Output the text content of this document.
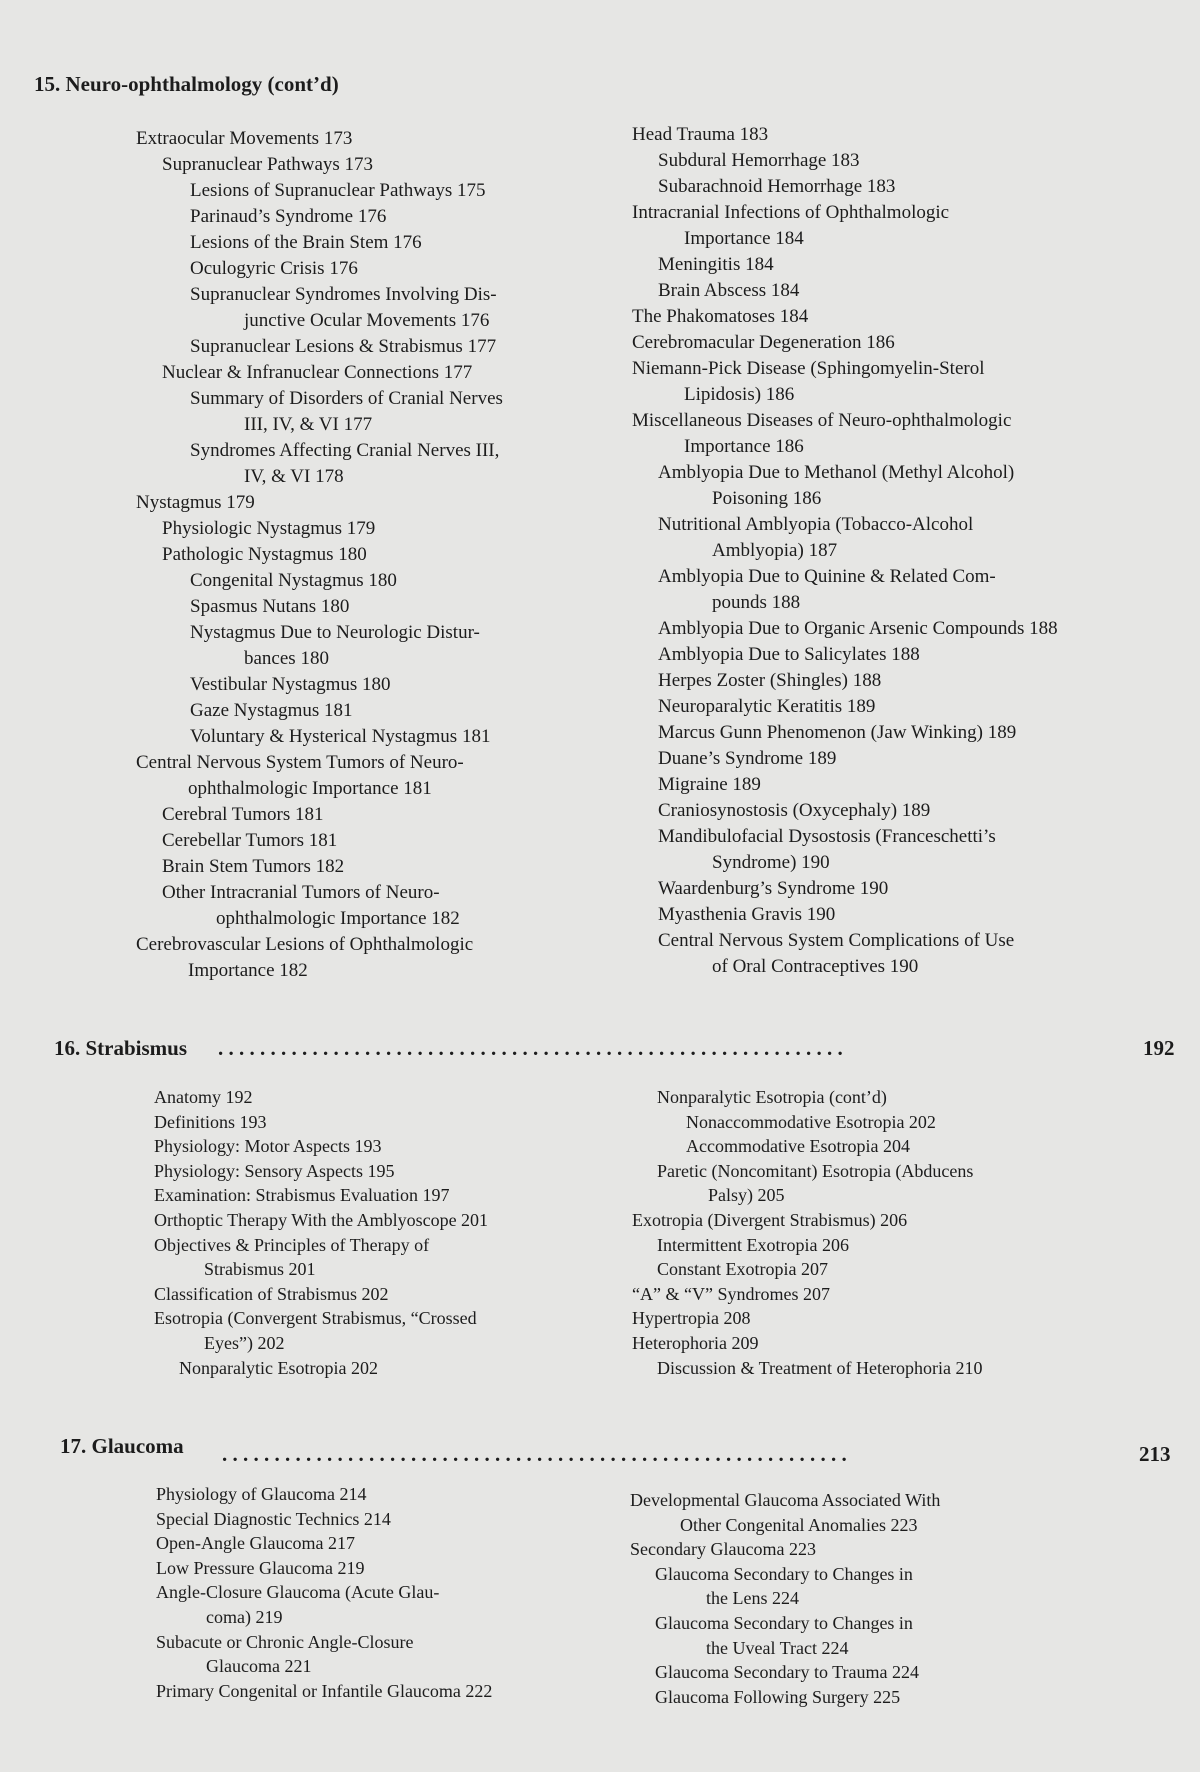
15. Neuro-ophthalmology (cont’d)
Extraocular Movements 173
Supranuclear Pathways 173
Lesions of Supranuclear Pathways 175
Parinaud’s Syndrome 176
Lesions of the Brain Stem 176
Oculogyric Crisis 176
Supranuclear Syndromes Involving Dis-
junctive Ocular Movements 176
Supranuclear Lesions & Strabismus 177
Nuclear & Infranuclear Connections 177
Summary of Disorders of Cranial Nerves
III, IV, & VI 177
Syndromes Affecting Cranial Nerves III,
IV, & VI 178
Nystagmus 179
Physiologic Nystagmus 179
Pathologic Nystagmus 180
Congenital Nystagmus 180
Spasmus Nutans 180
Nystagmus Due to Neurologic Distur-
bances 180
Vestibular Nystagmus 180
Gaze Nystagmus 181
Voluntary & Hysterical Nystagmus 181
Central Nervous System Tumors of Neuro-
ophthalmologic Importance 181
Cerebral Tumors 181
Cerebellar Tumors 181
Brain Stem Tumors 182
Other Intracranial Tumors of Neuro-
ophthalmologic Importance 182
Cerebrovascular Lesions of Ophthalmologic
Importance 182
Head Trauma 183
Subdural Hemorrhage 183
Subarachnoid Hemorrhage 183
Intracranial Infections of Ophthalmologic
Importance 184
Meningitis 184
Brain Abscess 184
The Phakomatoses 184
Cerebromacular Degeneration 186
Niemann-Pick Disease (Sphingomyelin-Sterol
Lipidosis) 186
Miscellaneous Diseases of Neuro-ophthalmologic
Importance 186
Amblyopia Due to Methanol (Methyl Alcohol)
Poisoning 186
Nutritional Amblyopia (Tobacco-Alcohol
Amblyopia) 187
Amblyopia Due to Quinine & Related Com-
pounds 188
Amblyopia Due to Organic Arsenic Compounds 188
Amblyopia Due to Salicylates 188
Herpes Zoster (Shingles) 188
Neuroparalytic Keratitis 189
Marcus Gunn Phenomenon (Jaw Winking) 189
Duane’s Syndrome 189
Migraine 189
Craniosynostosis (Oxycephaly) 189
Mandibulofacial Dysostosis (Franceschetti’s
Syndrome) 190
Waardenburg’s Syndrome 190
Myasthenia Gravis 190
Central Nervous System Complications of Use
of Oral Contraceptives 190
16. Strabismus . . . . . . . . . . . . . . . . . . . . . . . . . . . . . . . . . . . . . . . . . . . . . . . . . . . . . . . . . . . .	192
Anatomy 192
Definitions 193
Physiology: Motor Aspects 193
Physiology: Sensory Aspects 195
Examination: Strabismus Evaluation 197
Orthoptic Therapy With the Amblyoscope 201
Objectives & Principles of Therapy of
Strabismus 201
Classification of Strabismus 202
Esotropia (Convergent Strabismus, “Crossed
Eyes”) 202
Nonparalytic Esotropia 202
Nonparalytic Esotropia (cont’d)
Nonaccommodative Esotropia 202
Accommodative Esotropia 204
Paretic (Noncomitant) Esotropia (Abducens
Palsy) 205
Exotropia (Divergent Strabismus) 206
Intermittent Exotropia 206
Constant Exotropia 207
“A” & “V” Syndromes 207
Hypertropia 208
Heterophoria 209
Discussion & Treatment of Heterophoria 210
17. Glaucoma . . . . . . . . . . . . . . . . . . . . . . . . . . . . . . . . . . . . . . . . . . . . . . . . . . . . . . . . . . . .	213
Physiology of Glaucoma 214
Special Diagnostic Technics 214
Open-Angle Glaucoma 217
Low Pressure Glaucoma 219
Angle-Closure Glaucoma (Acute Glau-
coma) 219
Subacute or Chronic Angle-Closure
Glaucoma 221
Primary Congenital or Infantile Glaucoma 222
Developmental Glaucoma Associated With
Other Congenital Anomalies 223
Secondary Glaucoma 223
Glaucoma Secondary to Changes in
the Lens 224
Glaucoma Secondary to Changes in
the Uveal Tract 224
Glaucoma Secondary to Trauma 224
Glaucoma Following Surgery 225
